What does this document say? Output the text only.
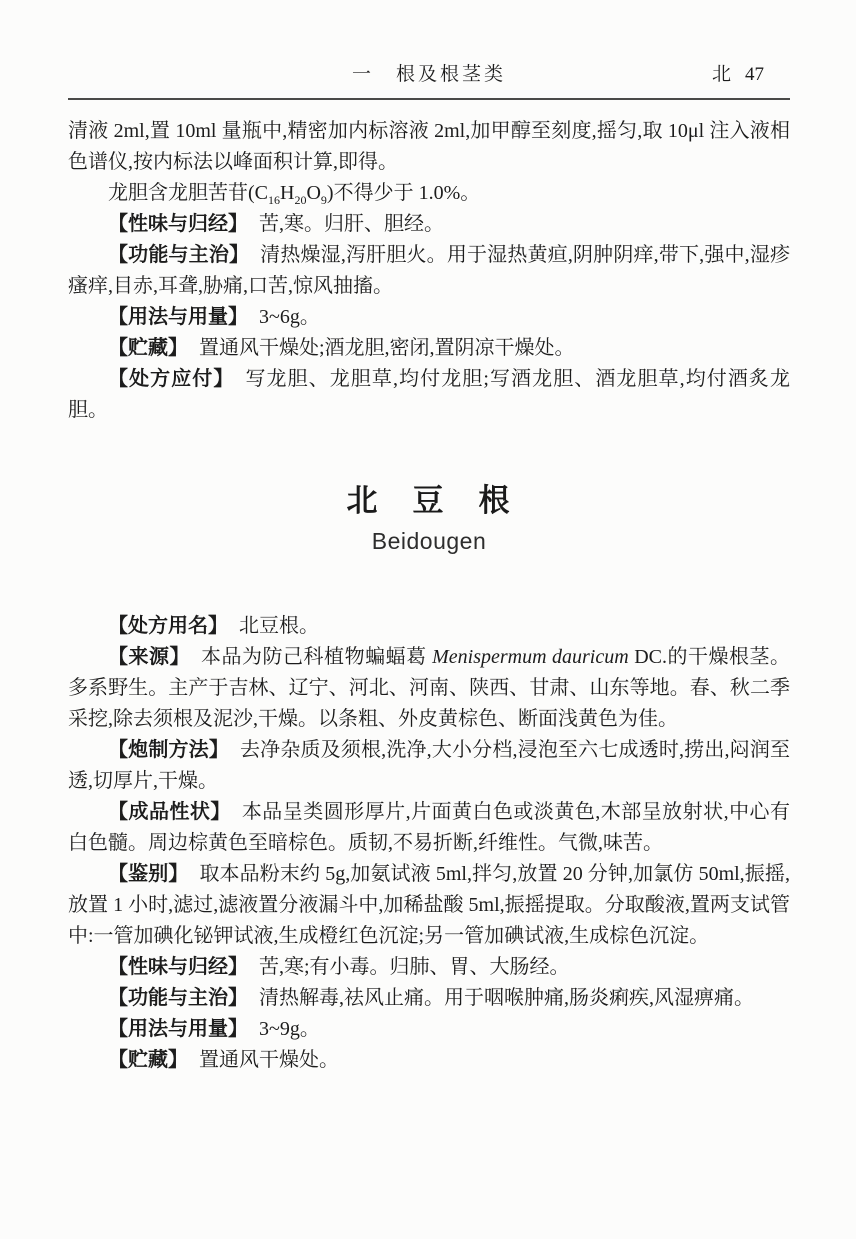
一　根及根茎类	北 47

清液 2ml,置 10ml 量瓶中,精密加内标溶液 2ml,加甲醇至刻度,摇匀,取 10μl 注入液相色谱仪,按内标法以峰面积计算,即得。

龙胆含龙胆苦苷$(C_{16}H_{20}O_9)$不得少于 1.0%。

【性味与归经】 苦,寒。归肝、胆经。

【功能与主治】 清热燥湿,泻肝胆火。用于湿热黄疸,阴肿阴痒,带下,强中,湿疹瘙痒,目赤,耳聋,胁痛,口苦,惊风抽搐。

【用法与用量】 3~6g。

【贮藏】 置通风干燥处;酒龙胆,密闭,置阴凉干燥处。

【处方应付】 写龙胆、龙胆草,均付龙胆;写酒龙胆、酒龙胆草,均付酒炙龙胆。

北　豆　根
Beidougen

【处方用名】 北豆根。

【来源】 本品为防己科植物蝙蝠葛 Menispermum dauricum DC.的干燥根茎。多系野生。主产于吉林、辽宁、河北、河南、陕西、甘肃、山东等地。春、秋二季采挖,除去须根及泥沙,干燥。以条粗、外皮黄棕色、断面浅黄色为佳。

【炮制方法】 去净杂质及须根,洗净,大小分档,浸泡至六七成透时,捞出,闷润至透,切厚片,干燥。

【成品性状】 本品呈类圆形厚片,片面黄白色或淡黄色,木部呈放射状,中心有白色髓。周边棕黄色至暗棕色。质韧,不易折断,纤维性。气微,味苦。

【鉴别】 取本品粉末约 5g,加氨试液 5ml,拌匀,放置 20 分钟,加氯仿 50ml,振摇,放置 1 小时,滤过,滤液置分液漏斗中,加稀盐酸 5ml,振摇提取。分取酸液,置两支试管中:一管加碘化铋钾试液,生成橙红色沉淀;另一管加碘试液,生成棕色沉淀。

【性味与归经】 苦,寒;有小毒。归肺、胃、大肠经。

【功能与主治】 清热解毒,祛风止痛。用于咽喉肿痛,肠炎痢疾,风湿痹痛。

【用法与用量】 3~9g。

【贮藏】 置通风干燥处。
